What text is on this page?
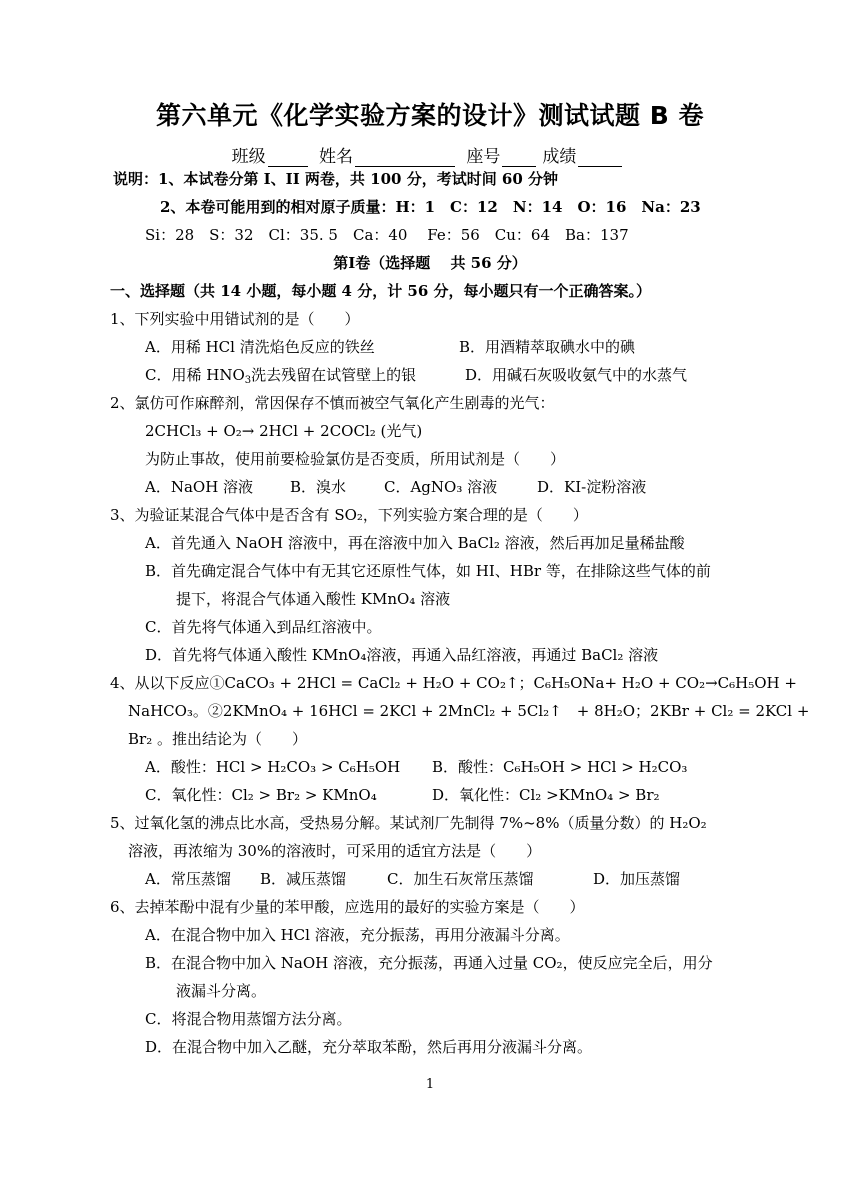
第六单元《化学实验方案的设计》测试试题 B 卷
班级	姓名	座号 成绩
说明：1、本试卷分第 I、II 两卷，共 100 分，考试时间 60 分钟
2、本卷可能用到的相对原子质量：H：1　C：12　N：14　O：16　Na：23
Si：28　S：32　Cl：35. 5　Ca：40　 Fe：56　Cu：64　Ba：137
第Ⅰ卷（选择题　 共 56 分）
一、选择题（共 14 小题，每小题 4 分，计 56 分，每小题只有一个正确答案。）
1、下列实验中用错试剂的是（　　）
A．用稀 HCl 清洗焰色反应的铁丝	B．用酒精萃取碘水中的碘
C．用稀 $HNO_3$洗去残留在试管壁上的银	D．用碱石灰吸收氨气中的水蒸气
2、氯仿可作麻醉剂，常因保存不慎而被空气氧化产生剧毒的光气：
2CHCl₃ + O₂→ 2HCl + 2COCl₂ (光气)
为防止事故，使用前要检验氯仿是否变质，所用试剂是（　　）
A．NaOH 溶液 B．溴水	C．AgNO₃ 溶液	D．KI-淀粉溶液
3、为验证某混合气体中是否含有 SO₂，下列实验方案合理的是（　　）
A．首先通入 NaOH 溶液中，再在溶液中加入 BaCl₂ 溶液，然后再加足量稀盐酸
B．首先确定混合气体中有无其它还原性气体，如 HI、HBr 等，在排除这些气体的前
提下，将混合气体通入酸性 KMnO₄ 溶液
C．首先将气体通入到品红溶液中。
D．首先将气体通入酸性 KMnO₄溶液，再通入品红溶液，再通过 BaCl₂ 溶液
4、从以下反应①CaCO₃ + 2HCl = CaCl₂ + H₂O + CO₂↑；C₆H₅ONa+ H₂O + CO₂→C₆H₅OH +
NaHCO₃。②2KMnO₄ + 16HCl = 2KCl + 2MnCl₂ + 5Cl₂↑　+ 8H₂O；2KBr + Cl₂ = 2KCl +
Br₂ 。推出结论为（　　）
A．酸性：HCl > H₂CO₃ > C₆H₅OH B．酸性：C₆H₅OH > HCl > H₂CO₃
C．氧化性：Cl₂ > Br₂ > KMnO₄	D．氧化性：Cl₂ >KMnO₄ > Br₂
5、过氧化氢的沸点比水高，受热易分解。某试剂厂先制得 7%~8%（质量分数）的 H₂O₂
溶液，再浓缩为 30%的溶液时，可采用的适宜方法是（　　）
A．常压蒸馏 B．减压蒸馏	C．加生石灰常压蒸馏	D．加压蒸馏
6、去掉苯酚中混有少量的苯甲酸，应选用的最好的实验方案是（　　）
A．在混合物中加入 HCl 溶液，充分振荡，再用分液漏斗分离。
B．在混合物中加入 NaOH 溶液，充分振荡，再通入过量 CO₂，使反应完全后，用分
液漏斗分离。
C．将混合物用蒸馏方法分离。
D．在混合物中加入乙醚，充分萃取苯酚，然后再用分液漏斗分离。
1
